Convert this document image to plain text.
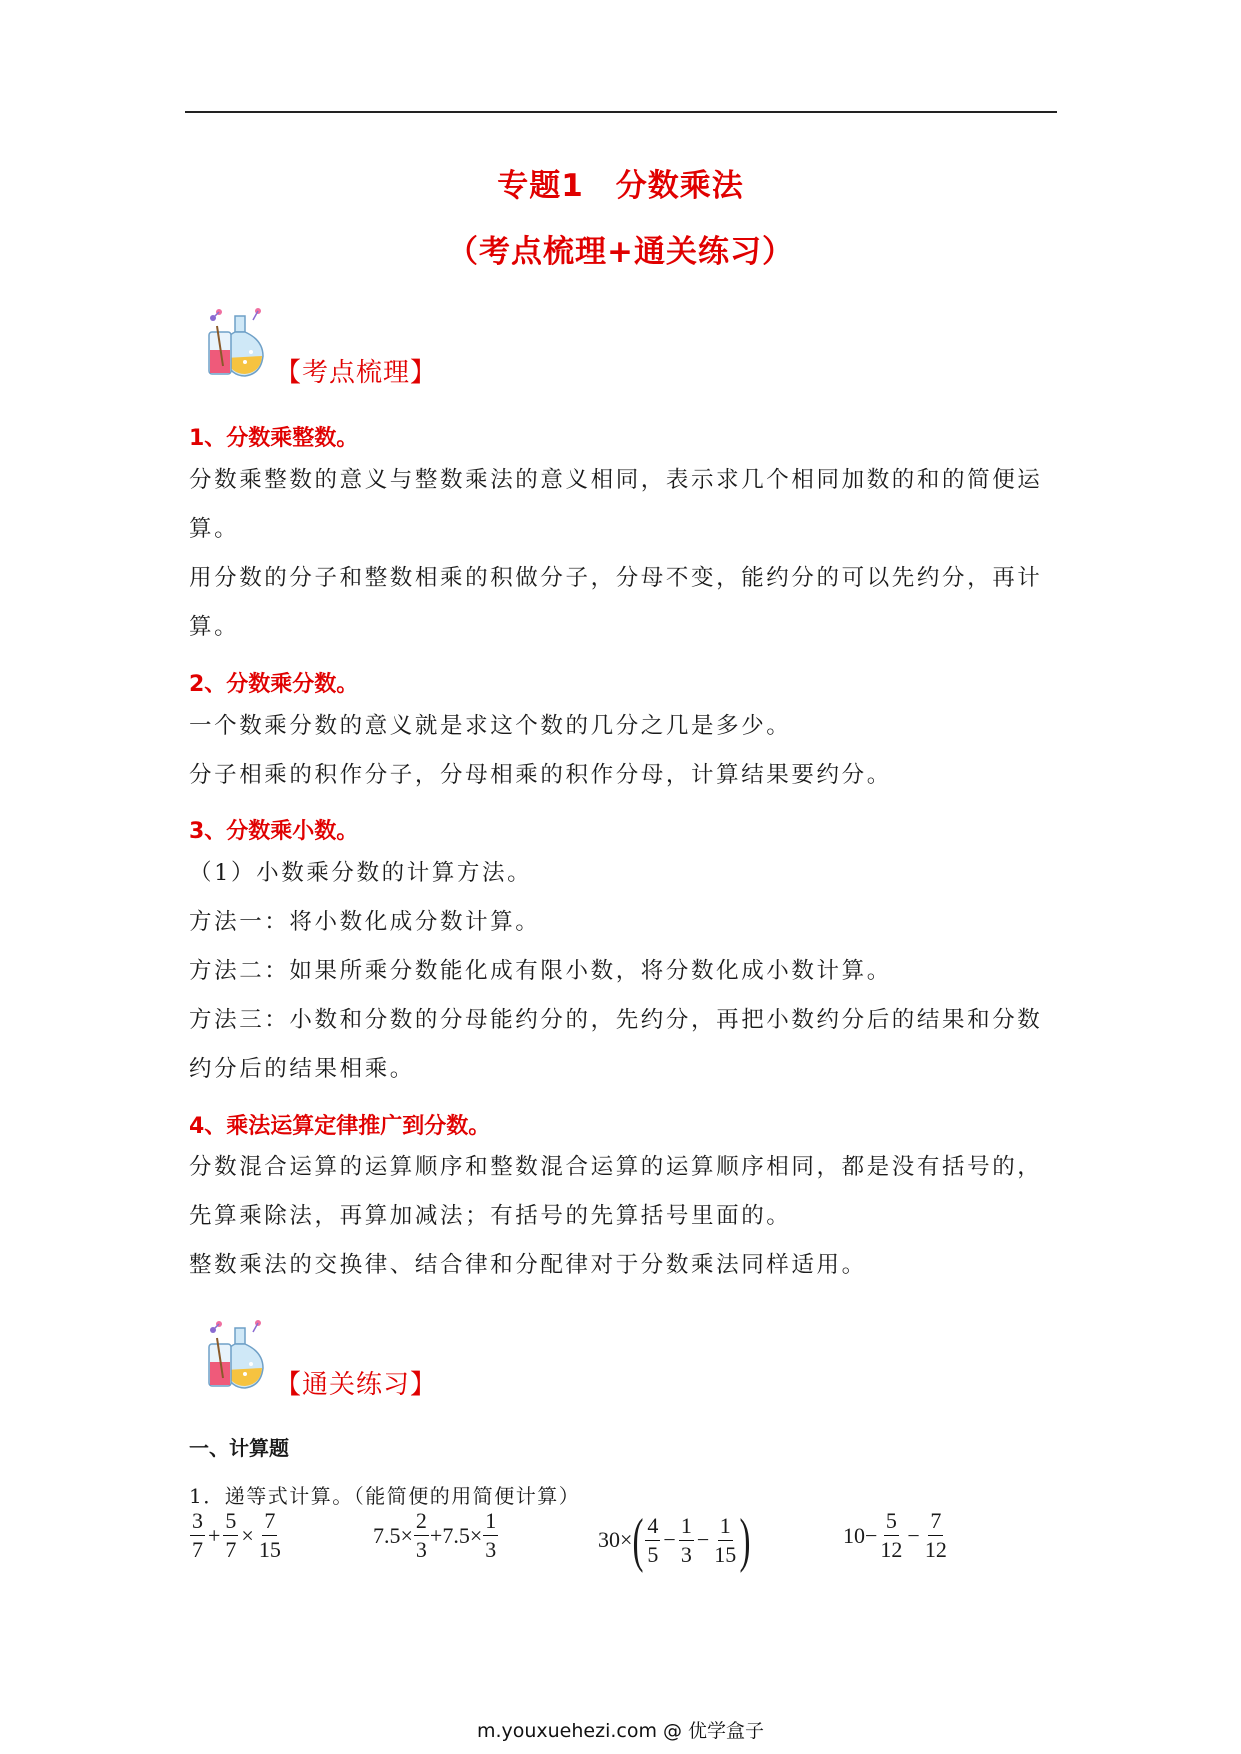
专题1　分数乘法
（考点梳理+通关练习）
【考点梳理】
1、分数乘整数。
分数乘整数的意义与整数乘法的意义相同，表示求几个相同加数的和的简便运算。
用分数的分子和整数相乘的积做分子，分母不变，能约分的可以先约分，再计算。
2、分数乘分数。
一个数乘分数的意义就是求这个数的几分之几是多少。
分子相乘的积作分子，分母相乘的积作分母，计算结果要约分。
3、分数乘小数。
（1）小数乘分数的计算方法。
方法一：将小数化成分数计算。
方法二：如果所乘分数能化成有限小数，将分数化成小数计算。
方法三：小数和分数的分母能约分的，先约分，再把小数约分后的结果和分数约分后的结果相乘。
4、乘法运算定律推广到分数。
分数混合运算的运算顺序和整数混合运算的运算顺序相同，都是没有括号的，先算乘除法，再算加减法；有括号的先算括号里面的。
整数乘法的交换律、结合律和分配律对于分数乘法同样适用。
【通关练习】
一、计算题
1．递等式计算。（能简便的用简便计算）
$\frac{3}{7} + \frac{5}{7} \times \frac{7}{15}$	$7.5\times \frac{2}{3} +7.5\times \frac{1}{3}$	30× ( $\frac{4}{5} - \frac{1}{3} - \frac{1}{15}$ )	$10- \frac{5}{12} - \frac{7}{12}$
m.youxuehezi.com @ 优学盒子
